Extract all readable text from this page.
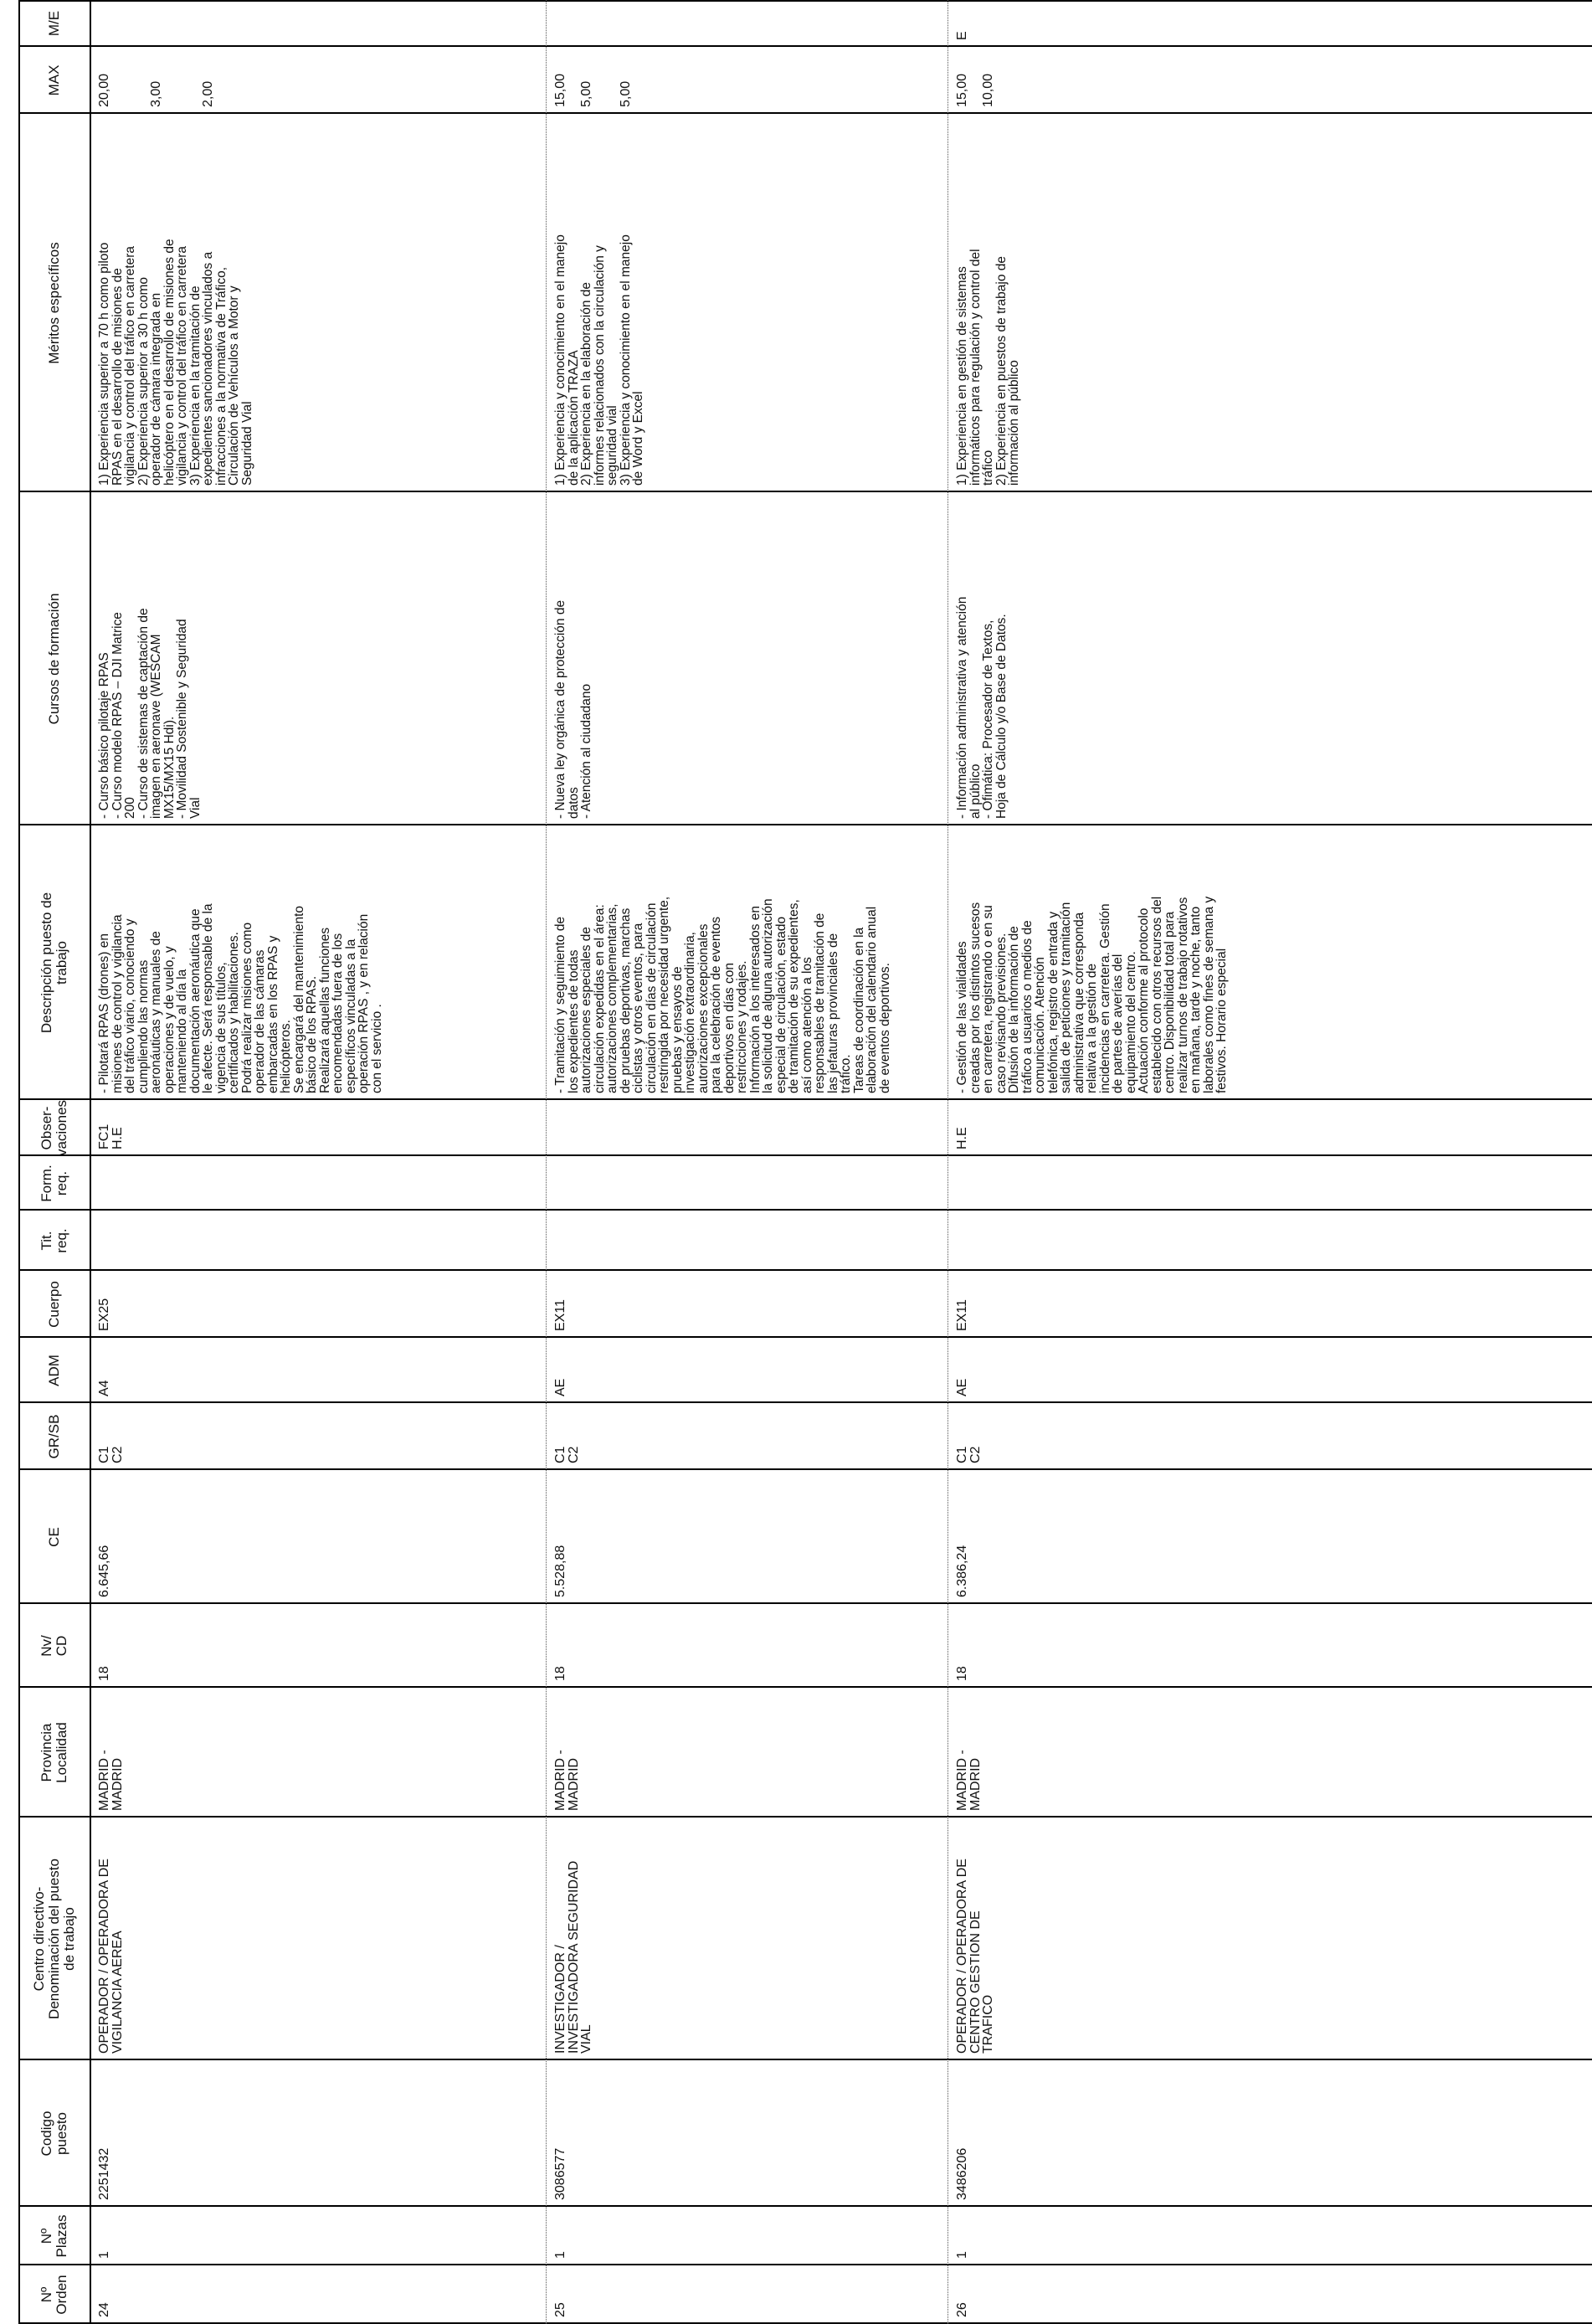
Nº
Orden
Nº
Plazas
Codigo
puesto
Centro directivo-
Denominación del puesto
de trabajo
Provincia
Localidad
Nv/
CD
CE
GR/SB
ADM
Cuerpo
Tit.
req.
Form.
req.
Obser-
vaciones
Descripción puesto de
trabajo
Cursos de formación
Méritos específicos
MAX
M/E
24
1
2251432
OPERADOR / OPERADORA DE
VIGILANCIA AEREA
MADRID -
MADRID
18
6.645,66
C1
C2
A4
EX25
FC1
H.E
- Pilotará RPAS (drones) en
misiones de control y vigilancia
del tráfico viario, conociendo y
cumpliendo las normas
aeronáuticas y manuales de
operaciones y de vuelo, y
manteniendo al día la
documentación aeronáutica que
le afecte. Será responsable de la
vigencia de sus títulos,
certificados y habilitaciones.
Podrá realizar misiones como
operador de las cámaras
embarcadas en los RPAS y
helicópteros.
Se encargará del mantenimiento
básico de los RPAS.
Realizará aquellas funciones
encomendadas fuera de los
específicos vinculadas a la
operación RPAS , y en relación
con el servicio .
- Curso básico pilotaje RPAS
- Curso modelo RPAS – DJI Matrice
200
- Curso de sistemas de captación de
imagen en aeronave (WESCAM
MX15/MX15 Hdi).
- Movilidad Sostenible y Seguridad
Vial
1) Experiencia superior a 70 h como piloto
RPAS en el desarrollo de misiones de
vigilancia y control del tráfico en carretera
2) Experiencia superior a 30 h como
operador de cámara integrada en
helicóptero en el desarrollo de misiones de
vigilancia y control del tráfico en carretera
3) Experiencia en la tramitación de
expedientes sancionadores vinculados a
infracciones a la normativa de Tráfico,
Circulación de Vehículos a Motor y
Seguridad Vial
20,00

3,00

2,00
25
1
3086577
INVESTIGADOR /
INVESTIGADORA SEGURIDAD
VIAL
MADRID -
MADRID
18
5.528,88
C1
C2
AE
EX11
- Tramitación y seguimiento de
los expedientes de todas
autorizaciones especiales de
circulación expedidas en el área:
autorizaciones complementarias,
de pruebas deportivas, marchas
ciclistas y otros eventos, para
circulación en días de circulación
restringida por necesidad urgente,
pruebas y ensayos de
investigación extraordinaria,
autorizaciones excepcionales
para la celebración de eventos
deportivos en días con
restricciones y rodajes.
Información a los interesados en
la solicitud de alguna autorización
especial de circulación, estado
de tramitación de su expedientes,
así como atención a los
responsables de tramitación de
las jefaturas provinciales de
tráfico.
Tareas de coordinación en la
elaboración del calendario anual
de eventos deportivos.
- Nueva ley orgánica de protección de
datos
- Atención al ciudadano
1) Experiencia y conocimiento en el manejo
de la aplicación TRAZA
2) Experiencia en la elaboración de
informes relacionados con la circulación y
seguridad vial
3) Experiencia y conocimiento en el manejo
de Word y Excel
15,00

5,00

5,00
26
1
3486206
OPERADOR / OPERADORA DE
CENTRO GESTION DE
TRAFICO
MADRID -
MADRID
18
6.386,24
C1
C2
AE
EX11
H.E
- Gestión de las vialidades
creadas por los distintos sucesos
en carretera, registrando o en su
caso revisando previsiones.
Difusión de la información de
tráfico a usuarios o medios de
comunicación. Atención
telefónica, registro de entrada y
salida de peticiones y tramitación
administrativa que corresponda
relativa a la gestión de
incidencias en carretera. Gestión
de partes de averías del
equipamiento del centro.
Actuación conforme al protocolo
establecido con otros recursos del
centro. Disponibilidad total para
realizar turnos de trabajo rotativos
en mañana, tarde y noche, tanto
laborales como fines de semana y
festivos. Horario especial
- Información administrativa y atención
al público
- Ofimática: Procesador de Textos,
Hoja de Cálculo y/o Base de Datos.
1) Experiencia en gestión de sistemas
informáticos para regulación y control del
tráfico
2) Experiencia en puestos de trabajo de
información al público
15,00

10,00
E
